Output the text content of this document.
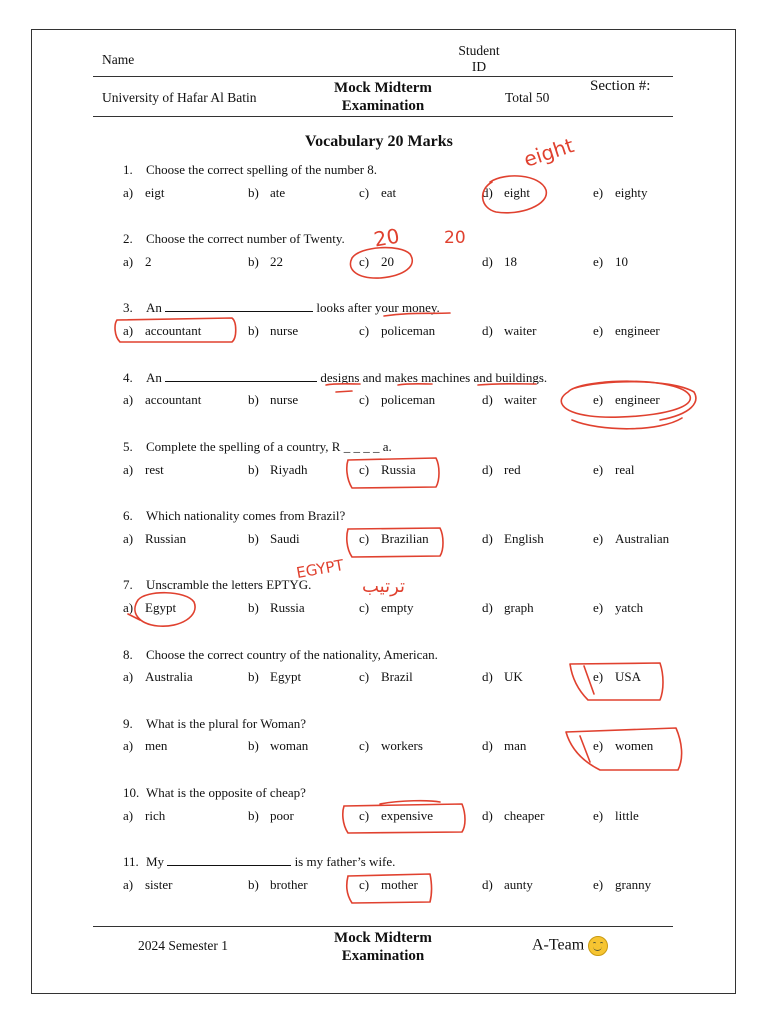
Name
Student
ID
University of Hafar Al Batin
Mock Midterm
Examination
Total 50
Section #:
Vocabulary 20 Marks
1. Choose the correct spelling of the number 8.
2. Choose the correct number of Twenty.
3. An	looks after your money.
4. An	designs and makes machines and buildings.
5. Complete the spelling of a country, R _ _ _ _ a.
6. Which nationality comes from Brazil?
7. Unscramble the letters EPTYG.
8. Choose the correct country of the nationality, American.
9. What is the plural for Woman?
10. What is the opposite of cheap?
11. My	is my father’s wife.
a) eigt	b) ate	c) eat	d) eight	e) eighty
a) 2	b) 22	c) 20	d) 18	e) 10
a) accountant	b) nurse	c) policeman	d) waiter	e) engineer
a) accountant	b) nurse	c) policeman	d) waiter	e) engineer
a) rest	b) Riyadh	c) Russia	d) red	e) real
a) Russian	b) Saudi	c) Brazilian	d) English	e) Australian
a) Egypt	b) Russia	c) empty	d) graph	e) yatch
a) Australia	b) Egypt	c) Brazil	d) UK	e) USA
a) men	b) woman	c) workers	d) man	e) women
a) rich	b) poor	c) expensive	d) cheaper	e) little
a) sister	b) brother	c) mother	d) aunty	e) granny
eight
20	20
EGYPT
ترتيب
2024 Semester 1	Mock Midterm
Examination
A-Team
